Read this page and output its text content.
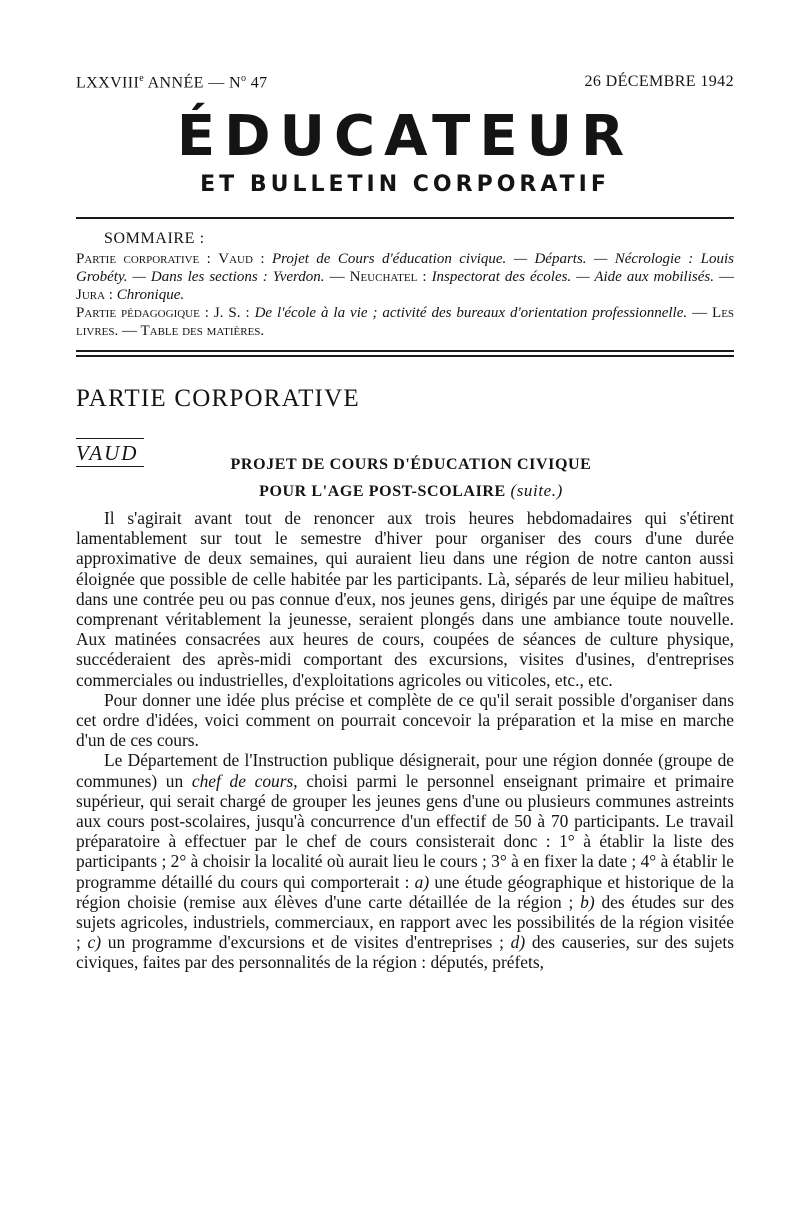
LXXVIIIe ANNÉE — $N^o$ 47	26 DÉCEMBRE 1942
ÉDUCATEUR
ET BULLETIN CORPORATIF
SOMMAIRE :

Partie corporative : Vaud : Projet de Cours d'éducation civique. — Départs. — Nécrologie : Louis Grobéty. — Dans les sections : Yverdon. — Neuchatel : Inspectorat des écoles. — Aide aux mobilisés. — Jura : Chronique.

Partie pédagogique : J. S. : De l'école à la vie ; activité des bureaux d'orientation professionnelle. — Les livres. — Table des matières.

PARTIE CORPORATIVE
VAUD	PROJET DE COURS D'ÉDUCATION CIVIQUE
POUR L'AGE POST-SCOLAIRE (suite.)

Il s'agirait avant tout de renoncer aux trois heures hebdomadaires qui s'étirent lamentablement sur tout le semestre d'hiver pour organiser des cours d'une durée approximative de deux semaines, qui auraient lieu dans une région de notre canton aussi éloignée que possible de celle habitée par les participants. Là, séparés de leur milieu habituel, dans une contrée peu ou pas connue d'eux, nos jeunes gens, dirigés par une équipe de maîtres comprenant véritablement la jeunesse, seraient plongés dans une ambiance toute nouvelle. Aux matinées consacrées aux heures de cours, coupées de séances de culture physique, succéderaient des après-midi comportant des excursions, visites d'usines, d'entreprises commerciales ou industrielles, d'exploitations agricoles ou viticoles, etc., etc.

Pour donner une idée plus précise et complète de ce qu'il serait possible d'organiser dans cet ordre d'idées, voici comment on pourrait concevoir la préparation et la mise en marche d'un de ces cours.

Le Département de l'Instruction publique désignerait, pour une région donnée (groupe de communes) un chef de cours, choisi parmi le personnel enseignant primaire et primaire supérieur, qui serait chargé de grouper les jeunes gens d'une ou plusieurs communes astreints aux cours post-scolaires, jusqu'à concurrence d'un effectif de 50 à 70 participants. Le travail préparatoire à effectuer par le chef de cours consisterait donc : 1° à établir la liste des participants ; 2° à choisir la localité où aurait lieu le cours ; 3° à en fixer la date ; 4° à établir le programme détaillé du cours qui comporterait : a) une étude géographique et historique de la région choisie (remise aux élèves d'une carte détaillée de la région ; b) des études sur des sujets agricoles, industriels, commerciaux, en rapport avec les possibilités de la région visitée ; c) un programme d'excursions et de visites d'entreprises ; d) des causeries, sur des sujets civiques, faites par des personnalités de la région : députés, préfets,
